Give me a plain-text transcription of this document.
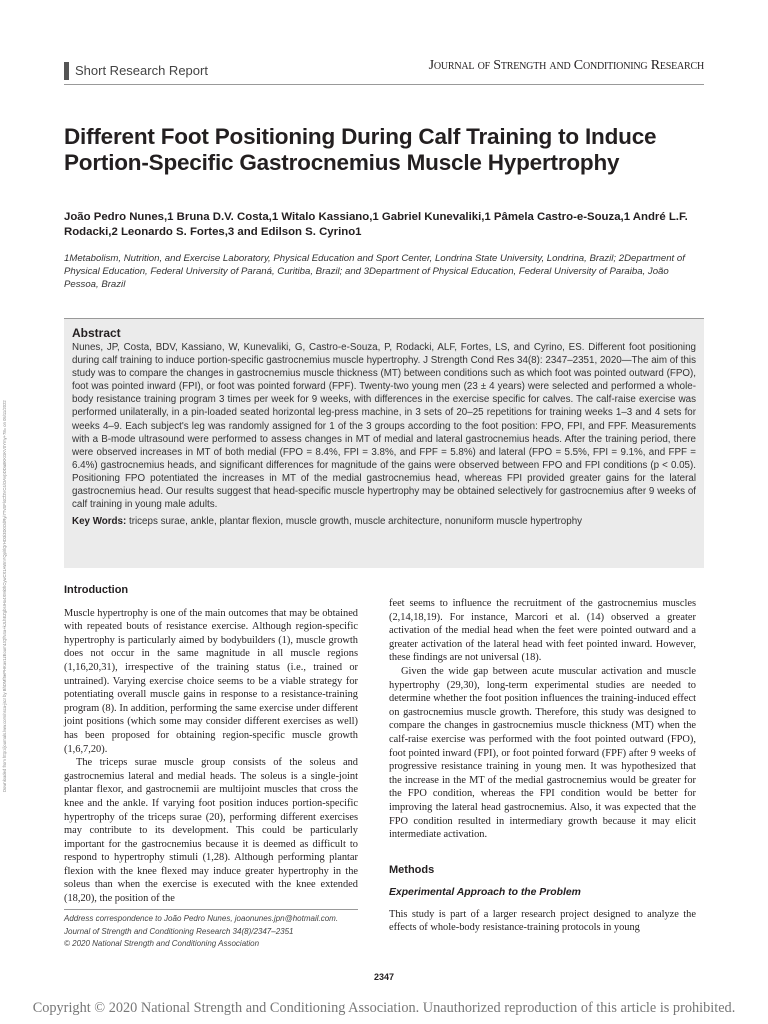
Downloaded from http://journals.lww.com/nsca-jscr by BhDMf5ePHKav1zEoum1tQfN4a+kJLhEZgbsIHo4XMi0hCywCX1AWnYQp/IlQrHD3i3D0OdRyi7TvSFl4Cf3VC4/OAVpDDa8KKGKV0Ymy+78= on 05/11/2022
Short Research Report	Journal of Strength and Conditioning Research
Different Foot Positioning During Calf Training to Induce Portion-Specific Gastrocnemius Muscle Hypertrophy
João Pedro Nunes,1 Bruna D.V. Costa,1 Witalo Kassiano,1 Gabriel Kunevaliki,1 Pâmela Castro-e-Souza,1 André L.F. Rodacki,2 Leonardo S. Fortes,3 and Edilson S. Cyrino1
1Metabolism, Nutrition, and Exercise Laboratory, Physical Education and Sport Center, Londrina State University, Londrina, Brazil; 2Department of Physical Education, Federal University of Paraná, Curitiba, Brazil; and 3Department of Physical Education, Federal University of Paraiba, João Pessoa, Brazil
Abstract
Nunes, JP, Costa, BDV, Kassiano, W, Kunevaliki, G, Castro-e-Souza, P, Rodacki, ALF, Fortes, LS, and Cyrino, ES. Different foot positioning during calf training to induce portion-specific gastrocnemius muscle hypertrophy. J Strength Cond Res 34(8): 2347–2351, 2020—The aim of this study was to compare the changes in gastrocnemius muscle thickness (MT) between conditions such as which foot was pointed outward (FPO), foot was pointed inward (FPI), or foot was pointed forward (FPF). Twenty-two young men (23 ± 4 years) were selected and performed a whole-body resistance training program 3 times per week for 9 weeks, with differences in the exercise specific for calves. The calf-raise exercise was performed unilaterally, in a pin-loaded seated horizontal leg-press machine, in 3 sets of 20–25 repetitions for training weeks 1–3 and 4 sets for weeks 4–9. Each subject's leg was randomly assigned for 1 of the 3 groups according to the foot position: FPO, FPI, and FPF. Measurements with a B-mode ultrasound were performed to assess changes in MT of medial and lateral gastrocnemius heads. After the training period, there were observed increases in MT of both medial (FPO = 8.4%, FPI = 3.8%, and FPF = 5.8%) and lateral (FPO = 5.5%, FPI = 9.1%, and FPF = 6.4%) gastrocnemius heads, and significant differences for magnitude of the gains were observed between FPO and FPI conditions (p < 0.05). Positioning FPO potentiated the increases in MT of the medial gastrocnemius head, whereas FPI provided greater gains for the lateral gastrocnemius head. Our results suggest that head-specific muscle hypertrophy may be obtained selectively for gastrocnemius after 9 weeks of calf training in young male adults.
Key Words: triceps surae, ankle, plantar flexion, muscle growth, muscle architecture, nonuniform muscle hypertrophy
Introduction

Muscle hypertrophy is one of the main outcomes that may be obtained with repeated bouts of resistance exercise. Although region-specific hypertrophy is particularly aimed by bodybuilders (1), muscle growth does not occur in the same magnitude in all muscle regions (1,16,20,31), irrespective of the training status (i.e., trained or untrained). Varying exercise choice seems to be a viable strategy for potentiating overall muscle gains in response to a resistance-training program (8). In addition, performing the same exercise under different joint positions (which some may consider different exercises as well) has been proposed for obtaining region-specific muscle growth (1,6,7,20).

The triceps surae muscle group consists of the soleus and gastrocnemius lateral and medial heads. The soleus is a single-joint plantar flexor, and gastrocnemii are multijoint muscles that cross the knee and the ankle. If varying foot position induces portion-specific hypertrophy of the triceps surae (20), performing different exercises may contribute to its development. This could be particularly important for the gastrocnemius because it is deemed as difficult to respond to hypertrophy stimuli (1,28). Although performing plantar flexion with the knee flexed may induce greater hypertrophy in the soleus than when the exercise is executed with the knee extended (18,20), the position of the

feet seems to influence the recruitment of the gastrocnemius muscles (2,14,18,19). For instance, Marcori et al. (14) observed a greater activation of the medial head when the feet were pointed outward and a greater activation of the lateral head with feet pointed inward. However, these findings are not universal (18).

Given the wide gap between acute muscular activation and muscle hypertrophy (29,30), long-term experimental studies are needed to determine whether the foot position influences the training-induced effect on gastrocnemius muscle growth. Therefore, this study was designed to compare the changes in gastrocnemius muscle thickness (MT) when the calf-raise exercise was performed with the foot pointed outward (FPO), foot pointed inward (FPI), or foot pointed forward (FPF) after 9 weeks of progressive resistance training in young men. It was hypothesized that the increase in the MT of the medial gastrocnemius would be greater for the FPO condition, whereas the FPI condition would be better for improving the lateral head gastrocnemius. Also, it was expected that the FPO condition resulted in intermediary growth because it may elicit intermediate activation.

Methods
Experimental Approach to the Problem

This study is part of a larger research project designed to analyze the effects of whole-body resistance-training protocols in young

Address correspondence to João Pedro Nunes, joaonunes.jpn@hotmail.com.
Journal of Strength and Conditioning Research 34(8)/2347–2351
© 2020 National Strength and Conditioning Association
2347
Copyright © 2020 National Strength and Conditioning Association. Unauthorized reproduction of this article is prohibited.
